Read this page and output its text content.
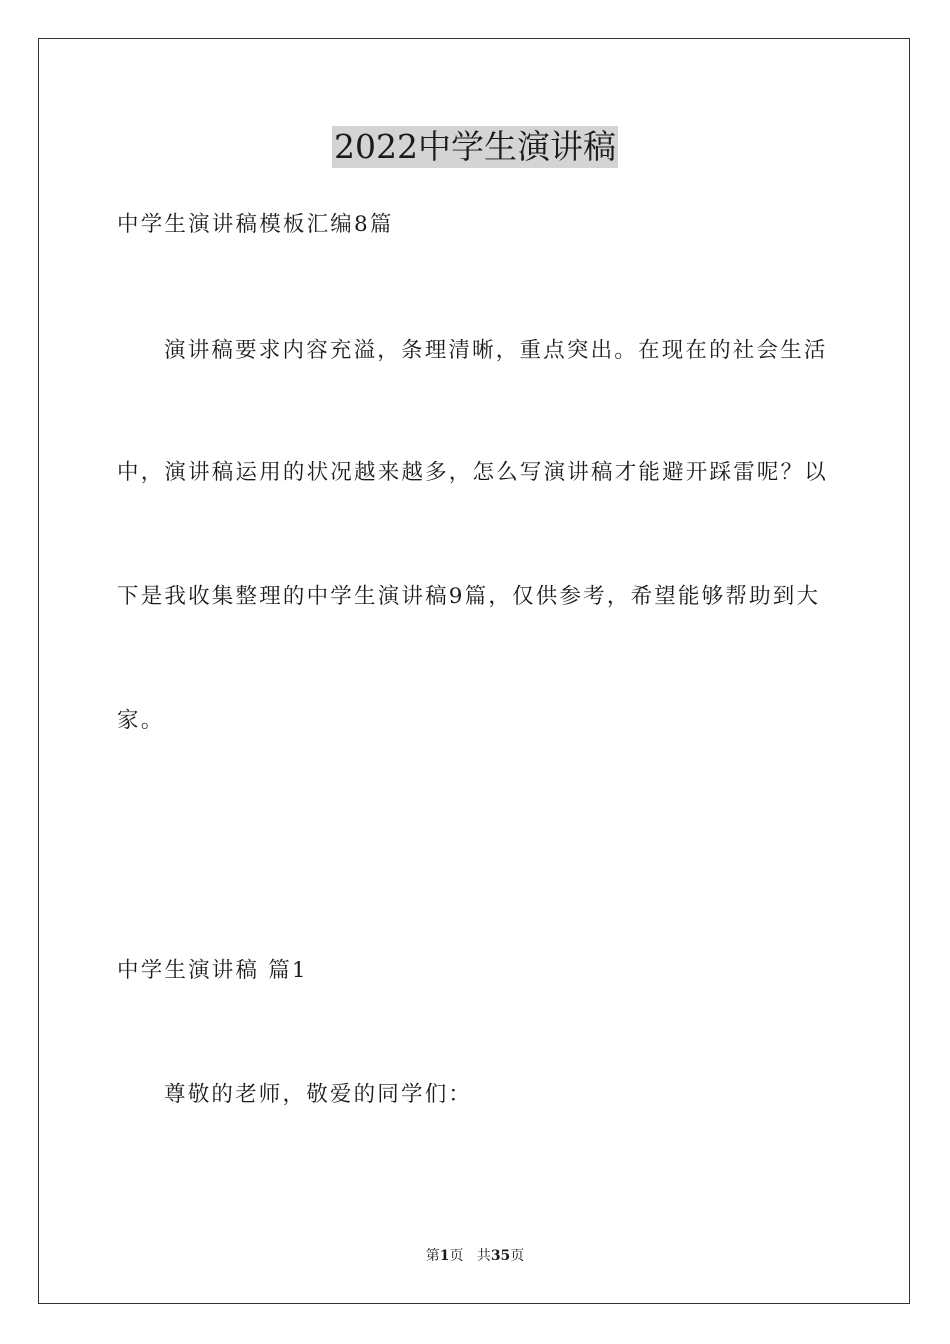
2022中学生演讲稿

中学生演讲稿模板汇编8篇

演讲稿要求内容充溢，条理清晰，重点突出。在现在的社会生活

中，演讲稿运用的状况越来越多，怎么写演讲稿才能避开踩雷呢？以

下是我收集整理的中学生演讲稿9篇，仅供参考，希望能够帮助到大

家。

中学生演讲稿 篇1

尊敬的老师，敬爱的同学们：

第1页 共35页
